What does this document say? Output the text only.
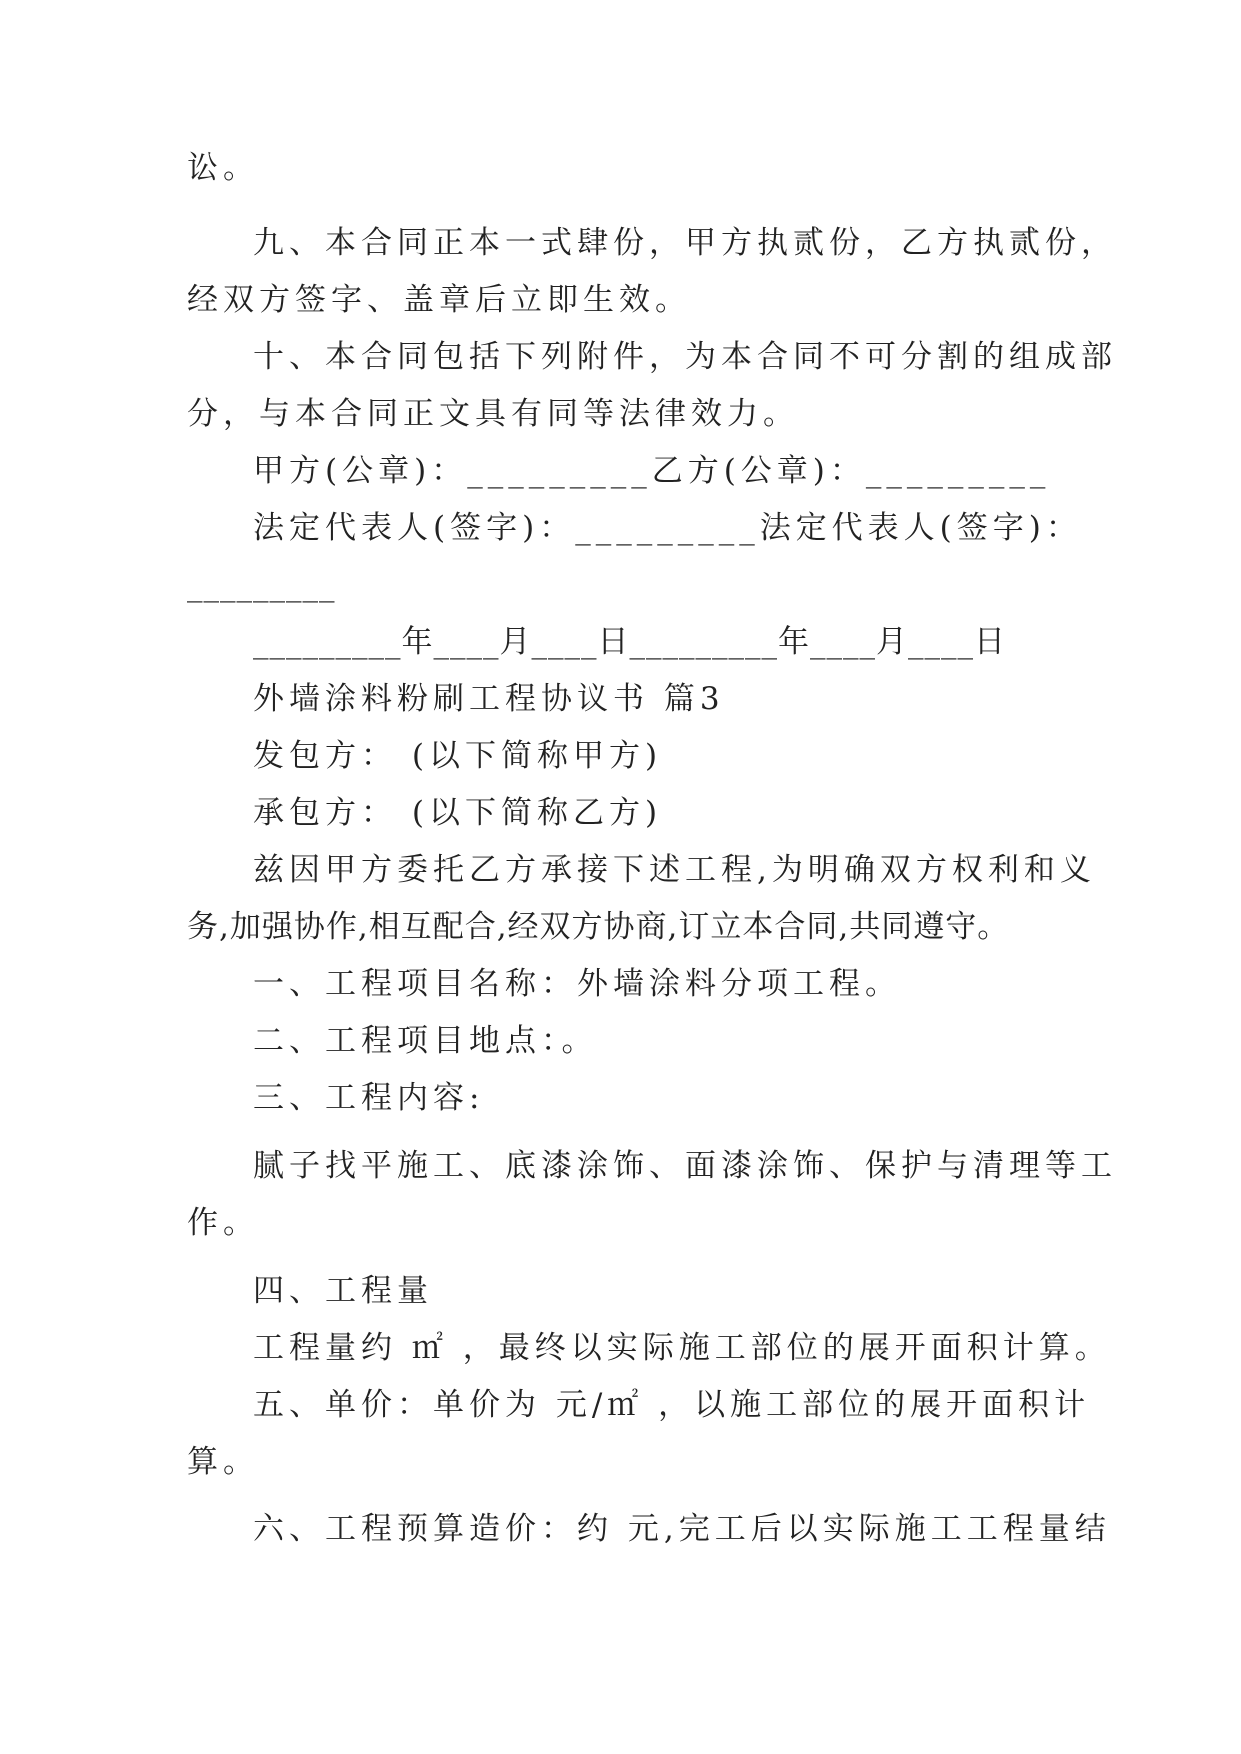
讼。
九、本合同正本一式肆份，甲方执贰份，乙方执贰份，
经双方签字、盖章后立即生效。
十、本合同包括下列附件，为本合同不可分割的组成部
分，与本合同正文具有同等法律效力。
甲方(公章)：_________乙方(公章)：_________
法定代表人(签字)：_________法定代表人(签字)：
_________
_________年____月____日_________年____月____日
外墙涂料粉刷工程协议书 篇3
发包方： (以下简称甲方)
承包方： (以下简称乙方)
兹因甲方委托乙方承接下述工程,为明确双方权利和义
务,加强协作,相互配合,经双方协商,订立本合同,共同遵守。
一、工程项目名称：外墙涂料分项工程。
二、工程项目地点：。
三、工程内容:
腻子找平施工、底漆涂饰、面漆涂饰、保护与清理等工
作。
四、工程量
工程量约 ㎡ ，最终以实际施工部位的展开面积计算。
五、单价：单价为 元/㎡ ，以施工部位的展开面积计
算。
六、工程预算造价：约 元,完工后以实际施工工程量结
